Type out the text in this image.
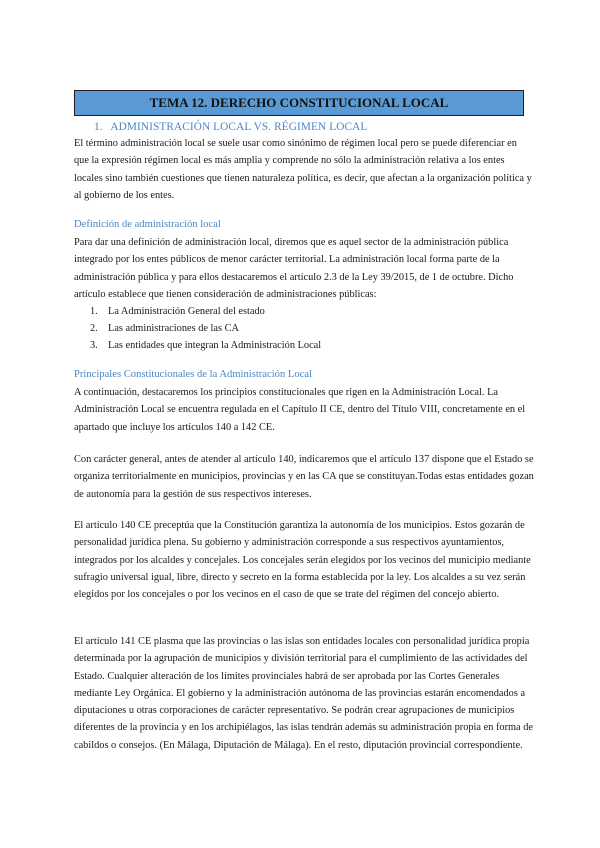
TEMA 12. DERECHO CONSTITUCIONAL LOCAL
1. ADMINISTRACIÓN LOCAL VS. RÉGIMEN LOCAL
El término administración local se suele usar como sinónimo de régimen local pero se puede diferenciar en que la expresión régimen local es más amplia y comprende no sólo la administración relativa a los entes locales sino también cuestiones que tienen naturaleza política, es decir, que afectan a la organización política y al gobierno de los entes.
Definición de administración local
Para dar una definición de administración local, diremos que es aquel sector de la administración pública integrado por los entes públicos de menor carácter territorial. La administración local forma parte de la administración pública y para ellos destacaremos el artículo 2.3 de la Ley 39/2015, de 1 de octubre. Dicho artículo establece que tienen consideración de administraciones públicas:
1. La Administración General del estado
2. Las administraciones de las CA
3. Las entidades que integran la Administración Local
Principales Constitucionales de la Administración Local
A continuación, destacaremos los principios constitucionales que rigen en la Administración Local. La Administración Local se encuentra regulada en el Capítulo II CE, dentro del Título VIII, concretamente en el apartado que incluye los artículos 140 a 142 CE.
Con carácter general, antes de atender al artículo 140, indicaremos que el artículo 137 dispone que el Estado se organiza territorialmente en municipios, provincias y en las CA que se constituyan.Todas estas entidades gozan de autonomía para la gestión de sus respectivos intereses.
El artículo 140 CE preceptúa que la Constitución garantiza la autonomía de los municipios. Estos gozarán de personalidad jurídica plena. Su gobierno y administración corresponde a sus respectivos ayuntamientos, integrados por los alcaldes y concejales. Los concejales serán elegidos por los vecinos del municipio mediante sufragio universal igual, libre, directo y secreto en la forma establecida por la ley. Los alcaldes a su vez serán elegidos por los concejales o por los vecinos en el caso de que se trate del régimen del concejo abierto.
El artículo 141 CE plasma que las provincias o las islas son entidades locales con personalidad jurídica propia determinada por la agrupación de municipios y división territorial para el cumplimiento de las actividades del Estado. Cualquier alteración de los límites provinciales habrá de ser aprobada por las Cortes Generales mediante Ley Orgánica. El gobierno y la administración autónoma de las provincias estarán encomendados a diputaciones u otras corporaciones de carácter representativo. Se podrán crear agrupaciones de municipios diferentes de la provincia y en los archipiélagos, las islas tendrán además su administración propia en forma de cabildos o consejos. (En Málaga, Diputación de Málaga). En el resto, diputación provincial correspondiente.
